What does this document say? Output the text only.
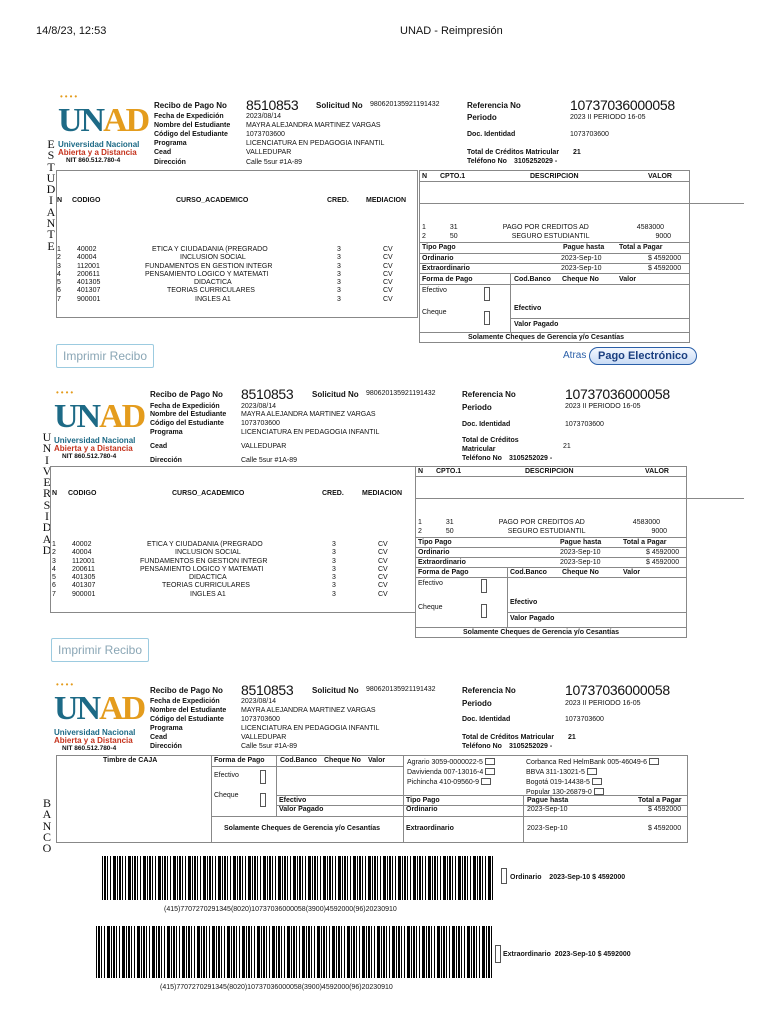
14/8/23, 12:53	UNAD - Reimpresión
E
S
T
U
D
I
A
N
T
E
••••
UNAD
Universidad Nacional
Abierta y a Distancia
NIT 860.512.780-4
Recibo de Pago No 8510853 Solicitud No 980620135921191432	Referencia No	10737036000058
Periodo	2023 II PERIODO 16-05
Fecha de Expedición	2023/08/14
Nombre del Estudiante MAYRA ALEJANDRA MARTINEZ VARGAS
Código del Estudiante	1073703600	Doc. Identidad	1073703600
Programa	LICENCIATURA EN PEDAGOGIA INFANTIL
Cead	VALLEDUPAR	Total de Créditos Matricular 21
Dirección	Calle 5sur #1A-89	Teléfono No 3105252029 -
N CODIGO	CURSO_ACADEMICO	CRED. MEDIACION
1 40002	ETICA Y CIUDADANIA (PREGRADO	3	CV
2 40004	INCLUSION SOCIAL	3	CV
3 112001	FUNDAMENTOS EN GESTION INTEGR	3	CV
4 200611	PENSAMIENTO LOGICO Y MATEMATI	3	CV
5 401305	DIDACTICA	3	CV
6 401307	TEORIAS CURRICULARES	3	CV
7 900001	INGLES A1	3	CV
N CPTO.1	DESCRIPCION	VALOR
1	31	PAGO POR CREDITOS AD	4583000
2	50	SEGURO ESTUDIANTIL	9000
Tipo Pago	Pague hasta Total a Pagar
Ordinario	2023-Sep-10	$ 4592000
Extraordinario	2023-Sep-10	$ 4592000
Forma de Pago	Cod.Banco Cheque No	Valor
Efectivo
Cheque
Efectivo
Valor Pagado
Solamente Cheques de Gerencia y/o Cesantías
Imprimir Recibo	Atras	Pago Electrónico
U
N
I
V
E
R
S
I
D
A
D
••••
UNAD
Universidad Nacional
Abierta y a Distancia
NIT 860.512.780-4
Recibo de Pago No 8510853 Solicitud No 980620135921191432	Referencia No	10737036000058
Periodo	2023 II PERIODO 16-05
Fecha de Expedición	2023/08/14
Nombre del Estudiante MAYRA ALEJANDRA MARTINEZ VARGAS
Código del Estudiante 1073703600	Doc. Identidad	1073703600
Programa	LICENCIATURA EN PEDAGOGIA INFANTIL
Total de Créditos
Matricular	21
Cead	VALLEDUPAR
Teléfono No 3105252029 -
Dirección	Calle 5sur #1A-89
N CODIGO	CURSO_ACADEMICO	CRED.	MEDIACION
1 40002	ETICA Y CIUDADANIA (PREGRADO	3	CV
2 40004	INCLUSION SOCIAL	3	CV
3 112001	FUNDAMENTOS EN GESTION INTEGR	3	CV
4 200611	PENSAMIENTO LOGICO Y MATEMATI	3	CV
5 401305	DIDACTICA	3	CV
6 401307	TEORIAS CURRICULARES	3	CV
7 900001	INGLES A1	3	CV
N CPTO.1	DESCRIPCION	VALOR
1	31	PAGO POR CREDITOS AD	4583000
2	50	SEGURO ESTUDIANTIL	9000
Tipo Pago	Pague hasta	Total a Pagar
Ordinario	2023-Sep-10	$ 4592000
Extraordinario	2023-Sep-10	$ 4592000
Forma de Pago	Cod.Banco Cheque No	Valor
Efectivo
Cheque
Efectivo
Valor Pagado
Solamente Cheques de Gerencia y/o Cesantías
Imprimir Recibo
B
A
N
C
O
••••
UNAD
Universidad Nacional
Abierta y a Distancia
NIT 860.512.780-4
Recibo de Pago No 8510853 Solicitud No 980620135921191432	Referencia No	10737036000058
Periodo	2023 II PERIODO 16-05
Fecha de Expedición	2023/08/14
Nombre del Estudiante MAYRA ALEJANDRA MARTINEZ VARGAS
Código del Estudiante 1073703600	Doc. Identidad	1073703600
Programa	LICENCIATURA EN PEDAGOGIA INFANTIL
Cead	VALLEDUPAR	Total de Créditos Matricular 21
Dirección	Calle 5sur #1A-89	Teléfono No 3105252029 -
Timbre de CAJA	Forma de Pago Cod.Banco Cheque No Valor
Efectivo
Cheque
Efectivo
Valor Pagado
Solamente Cheques de Gerencia y/o Cesantías
Agrario 3059-0000022-5
Davivienda 007-13016-4
Pichincha 410-09560-9
Corbanca Red HelmBank 005-46049-6
BBVA 311-13021-5
Bogotá 019-14438-5
Popular 130-26879-0
Tipo Pago	Pague hasta	Total a Pagar
Ordinario	2023-Sep-10	$ 4592000
Extraordinario	2023-Sep-10	$ 4592000
(415)7707270291345(8020)10737036000058(3900)4592000(96)20230910
Ordinario 2023-Sep-10 $ 4592000
(415)7707270291345(8020)10737036000058(3900)4592000(96)20230910
Extraordinario 2023-Sep-10 $ 4592000
